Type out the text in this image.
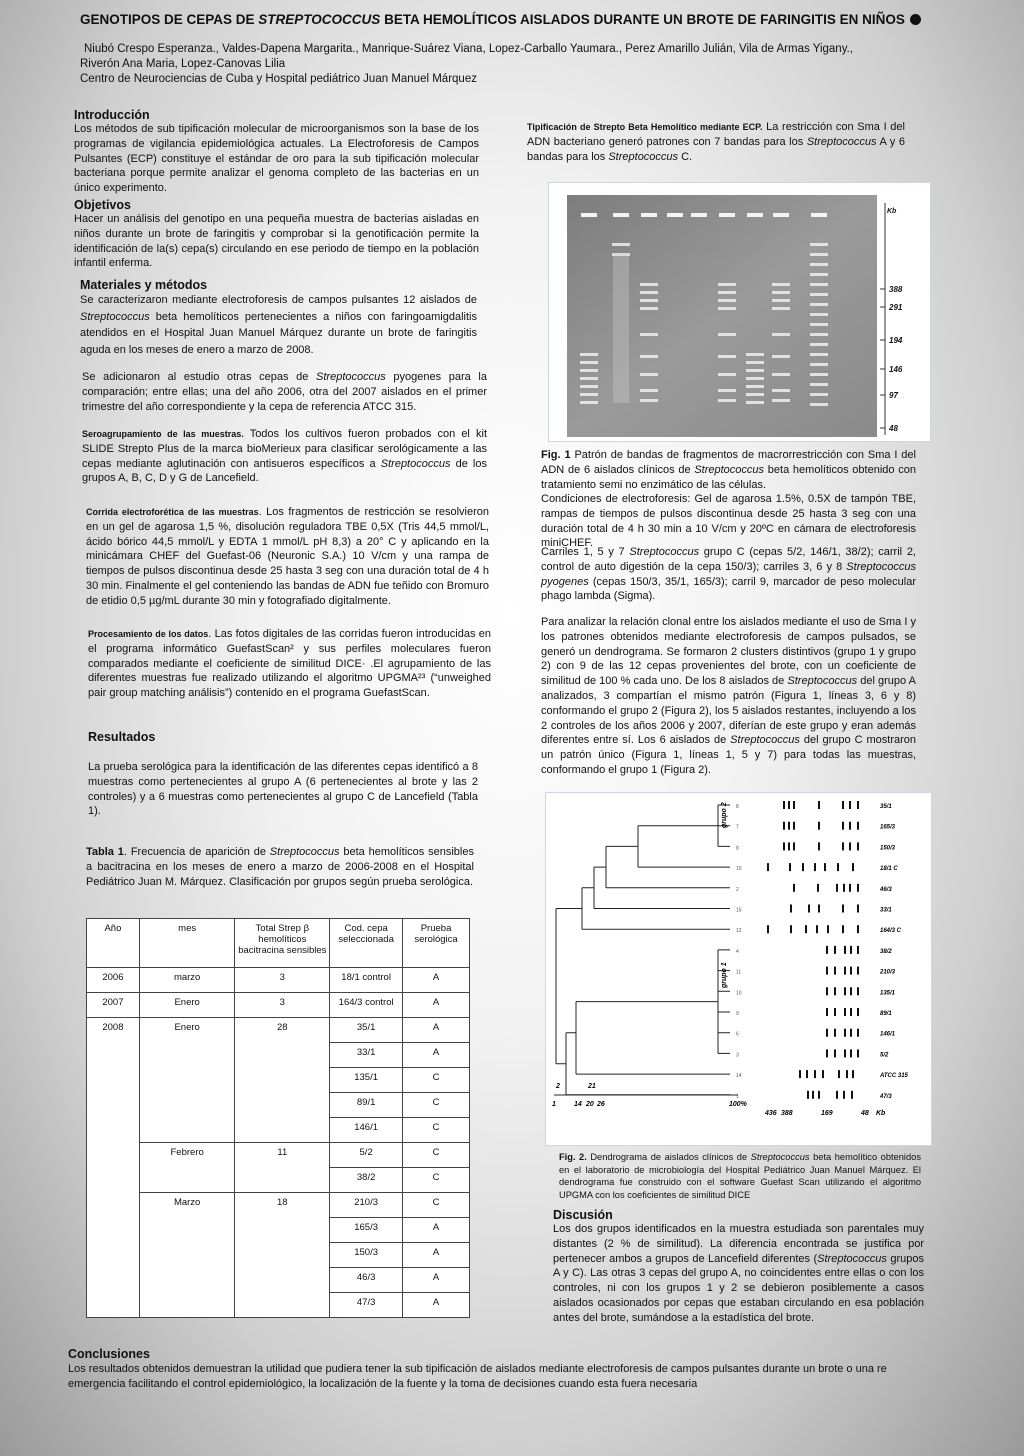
GENOTIPOS DE CEPAS DE STREPTOCOCCUS BETA HEMOLÍTICOS AISLADOS DURANTE UN BROTE DE FARINGITIS EN NIÑOS
Niubó Crespo Esperanza., Valdes-Dapena Margarita., Manrique-Suárez Viana, Lopez-Carballo Yaumara., Perez Amarillo Julián, Vila de Armas Yigany.,
Riverón Ana Maria, Lopez-Canovas Lilia
Centro de Neurociencias de Cuba y Hospital pediátrico Juan Manuel Márquez
Introducción
Los métodos de sub tipificación molecular de microorganismos son la base de los programas de vigilancia epidemiológica actuales. La Electroforesis de Campos Pulsantes (ECP) constituye el estándar de oro para la sub tipificación molecular bacteriana porque permite analizar el genoma completo de las bacterias en un único experimento.
Objetivos
Hacer un análisis del genotipo en una pequeña muestra de bacterias aisladas en niños durante un brote de faringitis y comprobar si la genotificación permite la identificación de la(s) cepa(s) circulando en ese periodo de tiempo en la población infantil enferma.
Materiales y métodos
Se caracterizaron mediante electroforesis de campos pulsantes 12 aislados de Streptococcus beta hemolíticos pertenecientes a niños con faringoamigdalitis atendidos en el Hospital Juan Manuel Márquez durante un brote de faringitis aguda en los meses de enero a marzo de 2008.
Se adicionaron al estudio otras cepas de Streptococcus pyogenes para la comparación; entre ellas; una del año 2006, otra del 2007 aislados en el primer trimestre del año correspondiente y la cepa de referencia ATCC 315.
Seroagrupamiento de las muestras. Todos los cultivos fueron probados con el kit SLIDE Strepto Plus de la marca bioMerieux para clasificar serológicamente a las cepas mediante aglutinación con antisueros específicos a Streptococcus de los grupos A, B, C, D y G de Lancefield.
Corrida electroforética de las muestras. Los fragmentos de restricción se resolvieron en un gel de agarosa 1,5 %, disolución reguladora TBE 0,5X (Tris 44,5 mmol/L, ácido bórico 44,5 mmol/L y EDTA 1 mmol/L pH 8,3) a 20° C y aplicando en la minicámara CHEF del Guefast-06 (Neuronic S.A.) 10 V/cm y una rampa de tiempos de pulsos discontinua desde 25 hasta 3 seg con una duración total de 4 h 30 min. Finalmente el gel conteniendo las bandas de ADN fue teñido con Bromuro de etidio 0,5 µg/mL durante 30 min y fotografiado digitalmente.
Procesamiento de los datos. Las fotos digitales de las corridas fueron introducidas en el programa informático GuefastScan² y sus perfiles moleculares fueron comparados mediante el coeficiente de similitud DICE· .El agrupamiento de las diferentes muestras fue realizado utilizando el algoritmo UPGMA²³ (“unweighed pair group matching análisis”) contenido en el programa GuefastScan.
Resultados
La prueba serológica para la identificación de las diferentes cepas identificó a 8 muestras como pertenecientes al grupo A (6 pertenecientes al brote y las 2 controles) y a 6 muestras como pertenecientes al grupo C de Lancefield (Tabla 1).
Tabla 1. Frecuencia de aparición de Streptococcus beta hemolíticos sensibles a bacitracina en los meses de enero a marzo de 2006-2008 en el Hospital Pediátrico Juan M. Márquez. Clasificación por grupos según prueba serológica.
Año	mes	Total Strep β hemolíticos bacitracina sensibles	Cod. cepa seleccionada	Prueba serológica
2006	marzo	3	18/1 control	A
2007	Enero	3	164/3 control	A
2008	Enero	28	35/1	A
			33/1	A
			135/1	C
			89/1	C
			146/1	C
	Febrero	11	5/2	C
			38/2	C
	Marzo	18	210/3	C
			165/3	A
			150/3	A
			46/3	A
			47/3	A
Tipificación de Strepto Beta Hemolítico mediante ECP. La restricción con Sma I del ADN bacteriano generó patrones con 7 bandas para los Streptococcus A y 6 bandas para los Streptococcus C.
Kb
388
291
194
146
97
48
Fig. 1 Patrón de bandas de fragmentos de macrorrestricción con Sma I del ADN de 6 aislados clínicos de Streptococcus beta hemolíticos obtenido con tratamiento semi no enzimático de las células.
Condiciones de electroforesis: Gel de agarosa 1.5%, 0.5X de tampón TBE, rampas de tiempos de pulsos discontinua desde 25 hasta 3 seg con una duración total de 4 h 30 min a 10 V/cm y 20ºC en cámara de electroforesis miniCHEF.
Carriles 1, 5 y 7 Streptococcus grupo C (cepas 5/2, 146/1, 38/2); carril 2, control de auto digestión de la cepa 150/3); carriles 3, 6 y 8 Streptococcus pyogenes (cepas 150/3, 35/1, 165/3); carril 9, marcador de peso molecular phago lambda (Sigma).
Para analizar la relación clonal entre los aislados mediante el uso de Sma I y los patrones obtenidos mediante electroforesis de campos pulsados, se generó un dendrograma. Se formaron 2 clusters distintivos (grupo 1 y grupo 2) con 9 de las 12 cepas provenientes del brote, con un coeficiente de similitud de 100 % cada uno. De los 8 aislados de Streptococcus del grupo A analizados, 3 compartían el mismo patrón (Figura 1, líneas 3, 6 y 8) conformando el grupo 2 (Figura 2), los 5 aislados restantes, incluyendo a los 2 controles de los años 2006 y 2007, diferían de este grupo y eran además diferentes entre sí. Los 6 aislados de Streptococcus del grupo C mostraron un patrón único (Figura 1, líneas 1, 5 y 7) para todas las muestras, conformando el grupo 1 (Figura 2).
8	35/1
7	165/3
8	150/3
10	18/1 C
2	46/3
15	33/1
12	164/3 C
4	38/2
11	210/3
10	135/1
9	89/1
6	146/1
3	5/2
14	ATCC 315
1	47/3
grupo 2
grupo 1
2	21
1	14 20 26	100%
436 388	169	48 Kb
Fig. 2. Dendrograma de aislados clínicos de Streptococcus beta hemolítico obtenidos en el laboratorio de microbiología del Hospital Pediátrico Juan Manuel Márquez. El dendrograma fue construido con el software Guefast Scan utilizando el algoritmo UPGMA con los coeficientes de similitud DICE
Discusión
Los dos grupos identificados en la muestra estudiada son parentales muy distantes (2 % de similitud). La diferencia encontrada se justifica por pertenecer ambos a grupos de Lancefield diferentes (Streptococcus grupos A y C). Las otras 3 cepas del grupo A, no coincidentes entre ellas o con los controles, ni con los grupos 1 y 2 se debieron posiblemente a casos aislados ocasionados por cepas que estaban circulando en esa población antes del brote, sumándose a la estadística del brote.
Conclusiones
Los resultados obtenidos demuestran la utilidad que pudiera tener la sub tipificación de aislados mediante electroforesis de campos pulsantes durante un brote o una re emergencia facilitando el control epidemiológico, la localización de la fuente y la toma de decisiones cuando esta fuera necesaria
